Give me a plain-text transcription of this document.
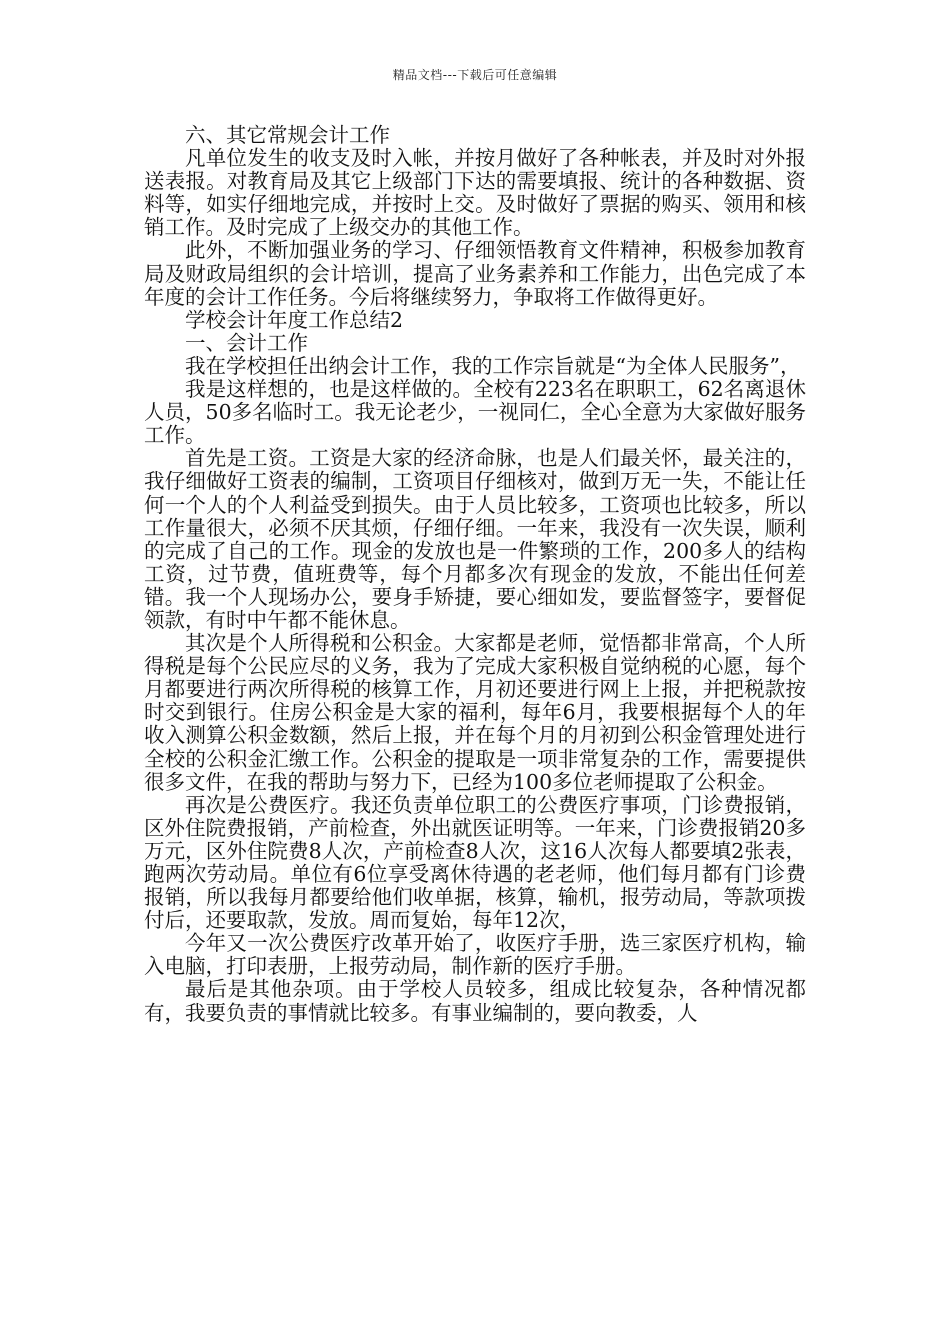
精品文档---下载后可任意编辑

六、其它常规会计工作

凡单位发生的收支及时入帐，并按月做好了各种帐表，并及时对外报送表报。对教育局及其它上级部门下达的需要填报、统计的各种数据、资料等，如实仔细地完成，并按时上交。及时做好了票据的购买、领用和核销工作。及时完成了上级交办的其他工作。

此外，不断加强业务的学习、仔细领悟教育文件精神，积极参加教育局及财政局组织的会计培训，提高了业务素养和工作能力，出色完成了本年度的会计工作任务。今后将继续努力，争取将工作做得更好。

学校会计年度工作总结2

一、会计工作

我在学校担任出纳会计工作，我的工作宗旨就是“为全体人民服务”，

我是这样想的，也是这样做的。全校有223名在职职工，62名离退休人员，50多名临时工。我无论老少，一视同仁，全心全意为大家做好服务工作。

首先是工资。工资是大家的经济命脉，也是人们最关怀，最关注的，我仔细做好工资表的编制，工资项目仔细核对，做到万无一失，不能让任何一个人的个人利益受到损失。由于人员比较多，工资项也比较多，所以工作量很大，必须不厌其烦，仔细仔细。一年来，我没有一次失误，顺利的完成了自己的工作。现金的发放也是一件繁琐的工作，200多人的结构工资，过节费，值班费等，每个月都多次有现金的发放，不能出任何差错。我一个人现场办公，要身手矫捷，要心细如发，要监督签字，要督促领款，有时中午都不能休息。

其次是个人所得税和公积金。大家都是老师，觉悟都非常高，个人所得税是每个公民应尽的义务，我为了完成大家积极自觉纳税的心愿，每个月都要进行两次所得税的核算工作，月初还要进行网上上报，并把税款按时交到银行。住房公积金是大家的福利，每年6月，我要根据每个人的年收入测算公积金数额，然后上报，并在每个月的月初到公积金管理处进行全校的公积金汇缴工作。公积金的提取是一项非常复杂的工作，需要提供很多文件，在我的帮助与努力下，已经为100多位老师提取了公积金。

再次是公费医疗。我还负责单位职工的公费医疗事项，门诊费报销，区外住院费报销，产前检查，外出就医证明等。一年来，门诊费报销20多万元，区外住院费8人次，产前检查8人次，这16人次每人都要填2张表，跑两次劳动局。单位有6位享受离休待遇的老老师，他们每月都有门诊费报销，所以我每月都要给他们收单据，核算，输机，报劳动局，等款项拨付后，还要取款，发放。周而复始，每年12次，

今年又一次公费医疗改革开始了，收医疗手册，选三家医疗机构，输入电脑，打印表册，上报劳动局，制作新的医疗手册。

最后是其他杂项。由于学校人员较多，组成比较复杂，各种情况都有，我要负责的事情就比较多。有事业编制的，要向教委，人
